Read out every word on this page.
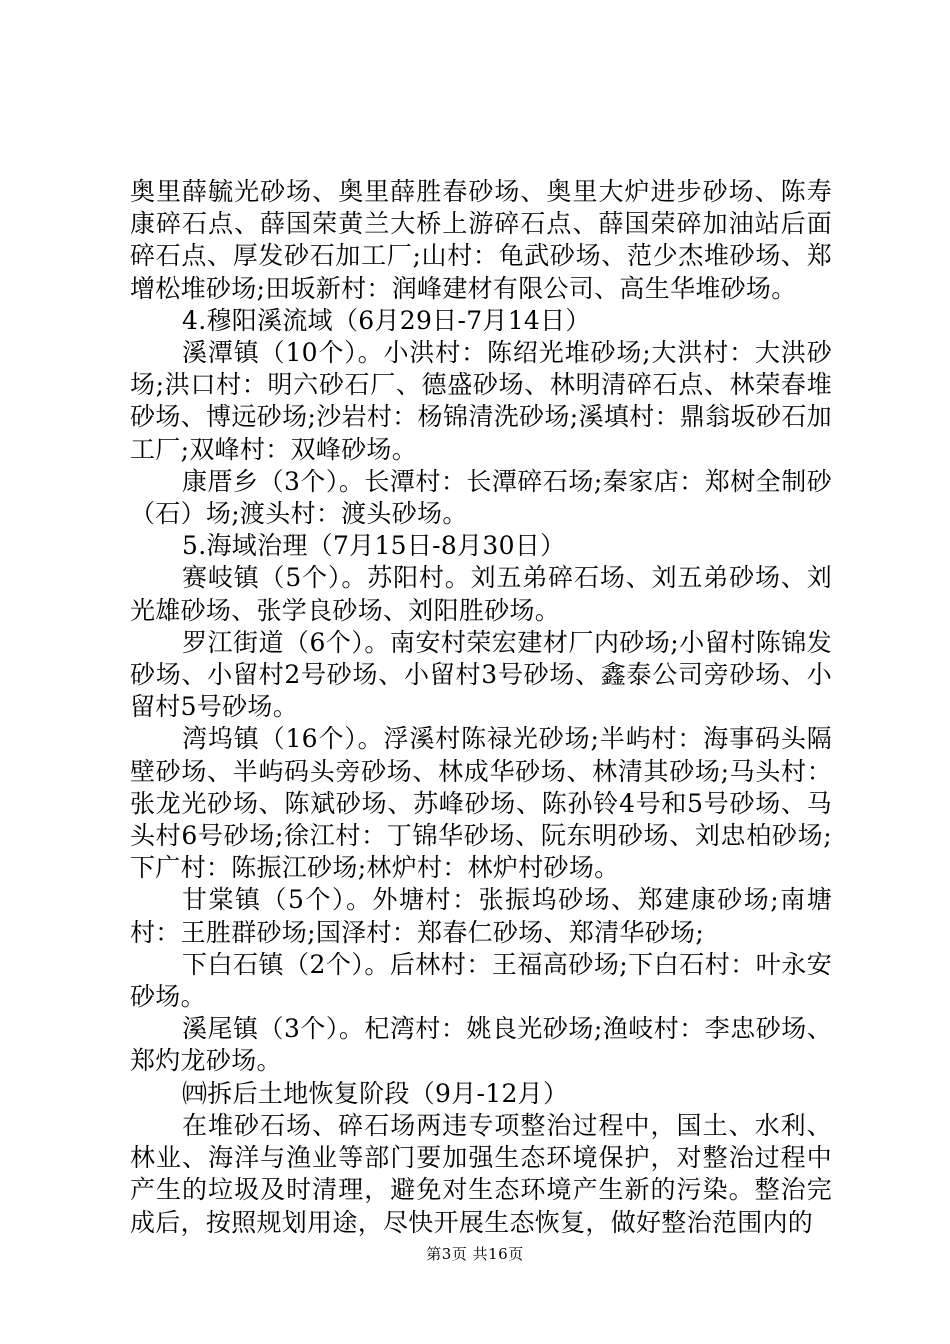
奥里薛毓光砂场、奥里薛胜春砂场、奥里大炉进步砂场、陈寿康碎石点、薛国荣黄兰大桥上游碎石点、薛国荣碎加油站后面碎石点、厚发砂石加工厂;山村：龟武砂场、范少杰堆砂场、郑增松堆砂场;田坂新村：润峰建材有限公司、高生华堆砂场。

4.穆阳溪流域（6月29日-7月14日）

溪潭镇（10个）。小洪村：陈绍光堆砂场;大洪村：大洪砂场;洪口村：明六砂石厂、德盛砂场、林明清碎石点、林荣春堆砂场、博远砂场;沙岩村：杨锦清洗砂场;溪填村：鼎翁坂砂石加工厂;双峰村：双峰砂场。

康厝乡（3个）。长潭村：长潭碎石场;秦家店：郑树全制砂（石）场;渡头村：渡头砂场。

5.海域治理（7月15日-8月30日）

赛岐镇（5个）。苏阳村。刘五弟碎石场、刘五弟砂场、刘光雄砂场、张学良砂场、刘阳胜砂场。

罗江街道（6个）。南安村荣宏建材厂内砂场;小留村陈锦发砂场、小留村2号砂场、小留村3号砂场、鑫泰公司旁砂场、小留村5号砂场。

湾坞镇（16个）。浮溪村陈禄光砂场;半屿村：海事码头隔壁砂场、半屿码头旁砂场、林成华砂场、林清其砂场;马头村：张龙光砂场、陈斌砂场、苏峰砂场、陈孙铃4号和5号砂场、马头村6号砂场;徐江村：丁锦华砂场、阮东明砂场、刘忠柏砂场;下广村：陈振江砂场;林炉村：林炉村砂场。

甘棠镇（5个）。外塘村：张振坞砂场、郑建康砂场;南塘村：王胜群砂场;国泽村：郑春仁砂场、郑清华砂场;

下白石镇（2个）。后林村：王福高砂场;下白石村：叶永安砂场。

溪尾镇（3个）。杞湾村：姚良光砂场;渔岐村：李忠砂场、郑灼龙砂场。

㈣拆后土地恢复阶段（9月-12月）

在堆砂石场、碎石场两违专项整治过程中，国土、水利、林业、海洋与渔业等部门要加强生态环境保护，对整治过程中产生的垃圾及时清理，避免对生态环境产生新的污染。整治完成后，按照规划用途，尽快开展生态恢复，做好整治范围内的

第3页 共16页
